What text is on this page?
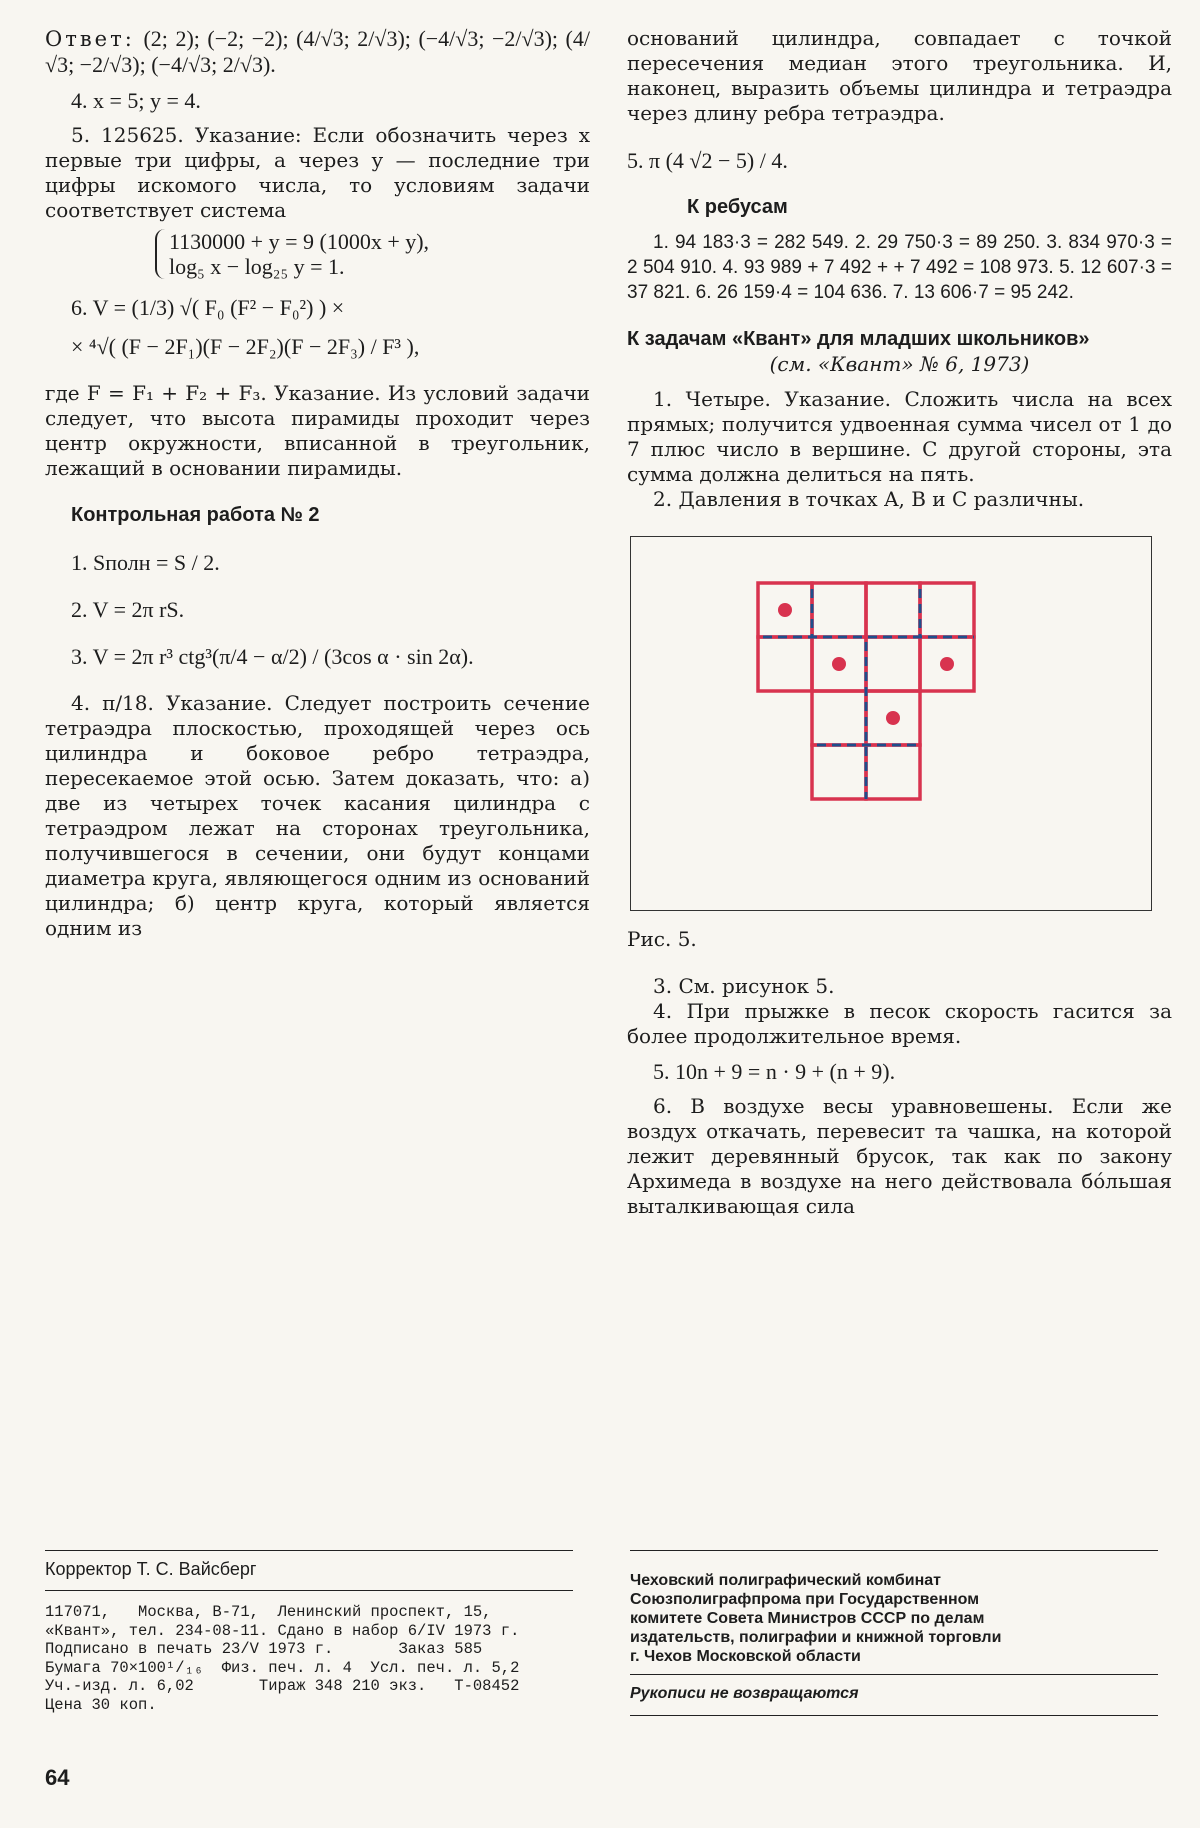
Ответ: (2; 2); (−2; −2); (4/√3; 2/√3); (−4/√3; −2/√3); (4/√3; −2/√3); (−4/√3; 2/√3).

4. x = 5; y = 4.

5. 125625. Указание: Если обозначить через x первые три цифры, а через y — последние три цифры искомого числа, то условиям задачи соответствует система

1130000 + y = 9 (1000x + y),
log₅ x − log₂₅ y = 1.

6. V = (1/3) √( F₀ (F² − F₀²) ) ×

× ⁴√( (F − 2F₁)(F − 2F₂)(F − 2F₃) / F³ ),

где F = F₁ + F₂ + F₃. Указание. Из условий задачи следует, что высота пирамиды проходит через центр окружности, вписанной в треугольник, лежащий в основании пирамиды.

Контрольная работа № 2

1. Sполн = S / 2.

2. V = 2π rS.

3. V = 2π r³ ctg³(π/4 − α/2) / (3cos α · sin 2α).

4. π/18. Указание. Следует построить сечение тетраэдра плоскостью, проходящей через ось цилиндра и боковое ребро тетраэдра, пересекаемое этой осью. Затем доказать, что: а) две из четырех точек касания цилиндра с тетраэдром лежат на сторонах треугольника, получившегося в сечении, они будут концами диаметра круга, являющегося одним из оснований цилиндра; б) центр круга, который является одним из

оснований цилиндра, совпадает с точкой пересечения медиан этого треугольника. И, наконец, выразить объемы цилиндра и тетраэдра через длину ребра тетраэдра.

5. π (4 √2 − 5) / 4.

К ребусам

1. 94 183·3 = 282 549. 2. 29 750·3 = 89 250. 3. 834 970·3 = 2 504 910. 4. 93 989 + 7 492 + + 7 492 = 108 973. 5. 12 607·3 = 37 821. 6. 26 159·4 = 104 636. 7. 13 606·7 = 95 242.

К задачам «Квант» для младших школьников»

(см. «Квант» № 6, 1973)

1. Четыре. Указание. Сложить числа на всех прямых; получится удвоенная сумма чисел от 1 до 7 плюс число в вершине. С другой стороны, эта сумма должна делиться на пять.

2. Давления в точках A, B и C различны.

Рис. 5.

3. См. рисунок 5.

4. При прыжке в песок скорость гасится за более продолжительное время.

5. 10n + 9 = n · 9 + (n + 9).

6. В воздухе весы уравновешены. Если же воздух откачать, перевесит та чашка, на которой лежит деревянный брусок, так как по закону Архимеда в воздухе на него действовала бóльшая выталкивающая сила

Корректор Т. С. Вайсберг
117071,   Москва, В-71,  Ленинский проспект, 15,
«Квант», тел. 234-08-11. Сдано в набор 6/IV 1973 г.
Подписано в печать 23/V 1973 г.       Заказ 585
Бумага 70×100¹/₁₆  Физ. печ. л. 4  Усл. печ. л. 5,2
Уч.-изд. л. 6,02       Тираж 348 210 экз.   Т-08452
Цена 30 коп.
Чеховский полиграфический комбинат
Союзполиграфпрома при Государственном
комитете Совета Министров СССР по делам
издательств, полиграфии и книжной торговли
г. Чехов Московской области
Рукописи не возвращаются
64
